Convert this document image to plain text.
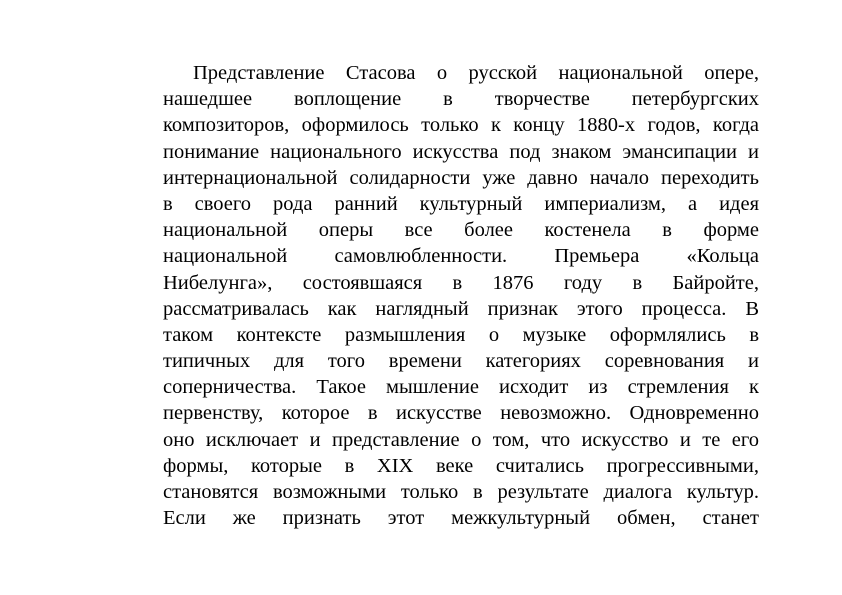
Представление Стасова о русской национальной опере,
нашедшее воплощение в творчестве петербургских
композиторов, оформилось только к концу 1880-х годов, когда
понимание национального искусства под знаком эмансипации и
интернациональной солидарности уже давно начало переходить
в своего рода ранний культурный империализм, а идея
национальной оперы все более костенела в форме
национальной самовлюбленности. Премьера «Кольца
Нибелунга», состоявшаяся в 1876 году в Байройте,
рассматривалась как наглядный признак этого процесса. В
таком контексте размышления о музыке оформлялись в
типичных для того времени категориях соревнования и
соперничества. Такое мышление исходит из стремления к
первенству, которое в искусстве невозможно. Одновременно
оно исключает и представление о том, что искусство и те его
формы, которые в XIX веке считались прогрессивными,
становятся возможными только в результате диалога культур.
Если же признать этот межкультурный обмен, станет
